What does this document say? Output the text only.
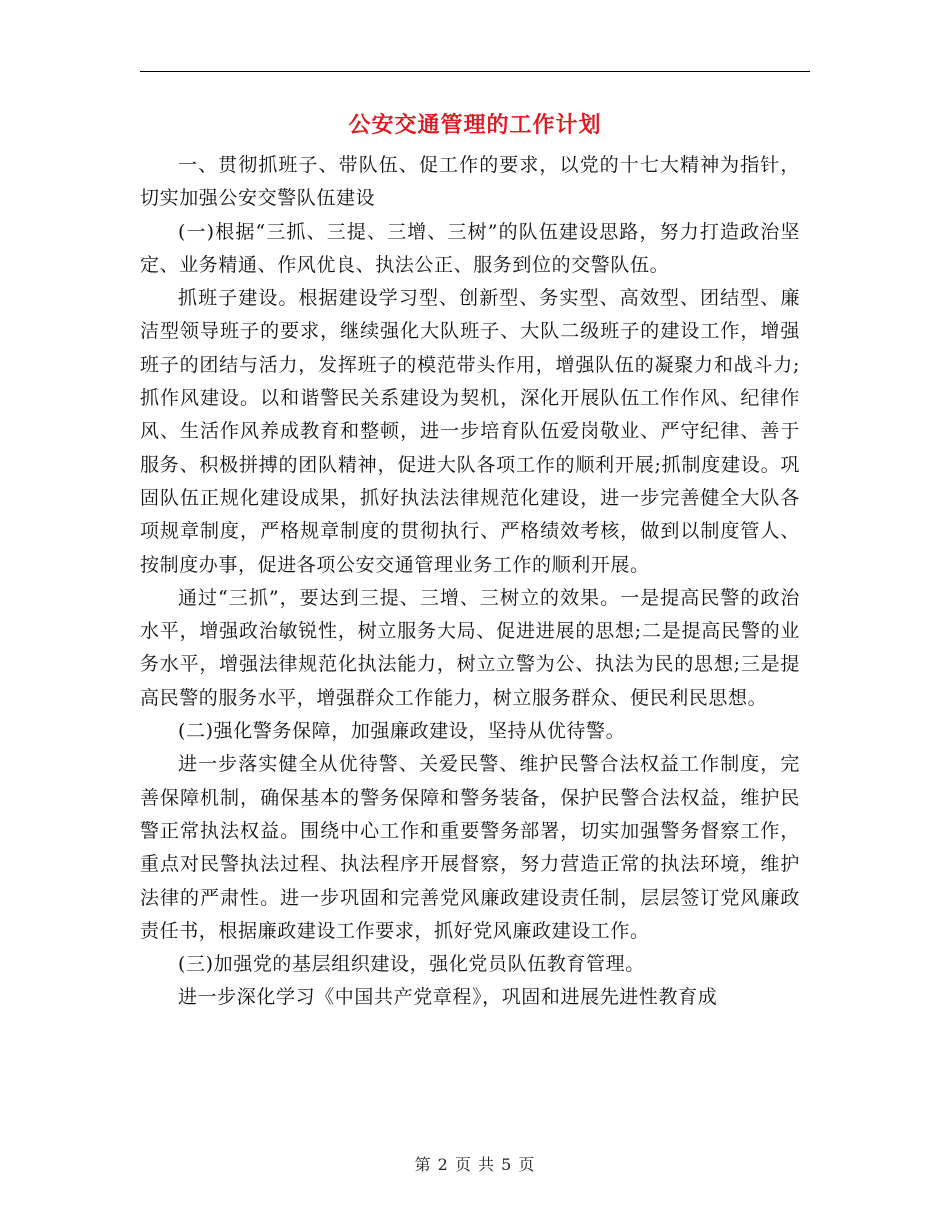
公安交通管理的工作计划

一、贯彻抓班子、带队伍、促工作的要求，以党的十七大精神为指针，切实加强公安交警队伍建设

(一)根据“三抓、三提、三增、三树”的队伍建设思路，努力打造政治坚定、业务精通、作风优良、执法公正、服务到位的交警队伍。

抓班子建设。根据建设学习型、创新型、务实型、高效型、团结型、廉洁型领导班子的要求，继续强化大队班子、大队二级班子的建设工作，增强班子的团结与活力，发挥班子的模范带头作用，增强队伍的凝聚力和战斗力;抓作风建设。以和谐警民关系建设为契机，深化开展队伍工作作风、纪律作风、生活作风养成教育和整顿，进一步培育队伍爱岗敬业、严守纪律、善于服务、积极拼搏的团队精神，促进大队各项工作的顺利开展;抓制度建设。巩固队伍正规化建设成果，抓好执法法律规范化建设，进一步完善健全大队各项规章制度，严格规章制度的贯彻执行、严格绩效考核，做到以制度管人、按制度办事，促进各项公安交通管理业务工作的顺利开展。

通过“三抓”，要达到三提、三增、三树立的效果。一是提高民警的政治水平，增强政治敏锐性，树立服务大局、促进进展的思想;二是提高民警的业务水平，增强法律规范化执法能力，树立立警为公、执法为民的思想;三是提高民警的服务水平，增强群众工作能力，树立服务群众、便民利民思想。

(二)强化警务保障，加强廉政建设，坚持从优待警。

进一步落实健全从优待警、关爱民警、维护民警合法权益工作制度，完善保障机制，确保基本的警务保障和警务装备，保护民警合法权益，维护民警正常执法权益。围绕中心工作和重要警务部署，切实加强警务督察工作，重点对民警执法过程、执法程序开展督察，努力营造正常的执法环境，维护法律的严肃性。进一步巩固和完善党风廉政建设责任制，层层签订党风廉政责任书，根据廉政建设工作要求，抓好党风廉政建设工作。

(三)加强党的基层组织建设，强化党员队伍教育管理。

进一步深化学习《中国共产党章程》，巩固和进展先进性教育成

第 2 页 共 5 页
